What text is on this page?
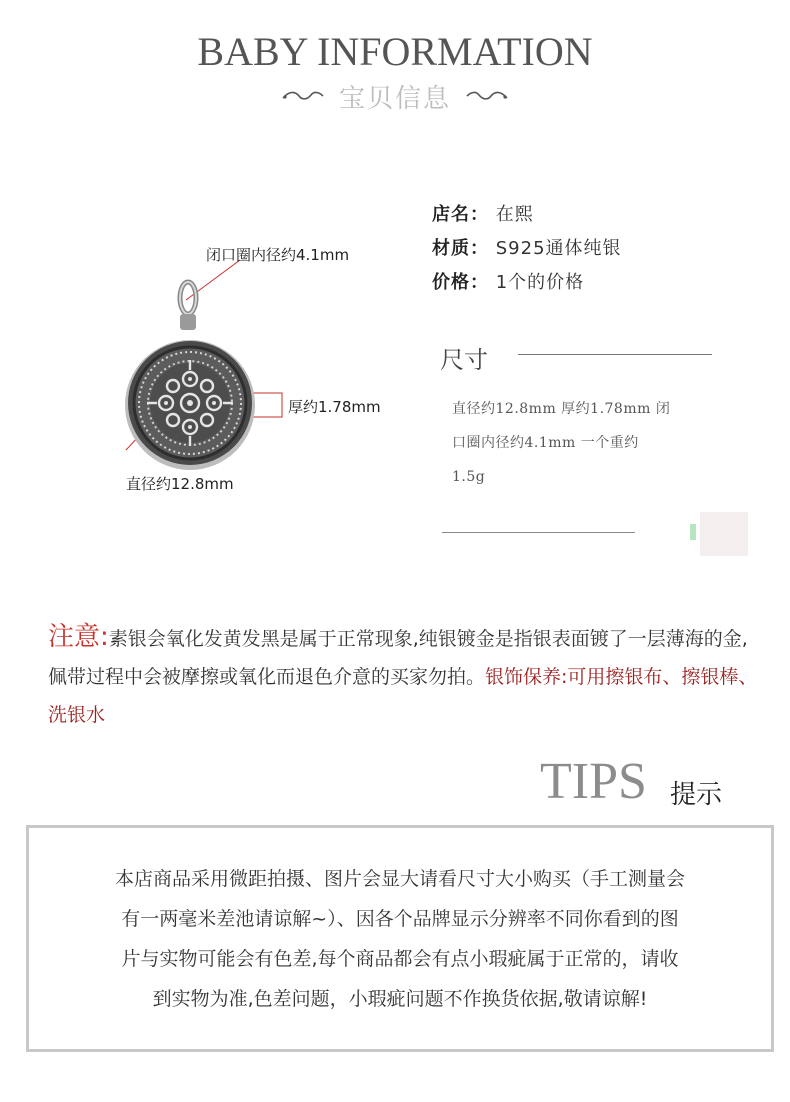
BABY INFORMATION
宝贝信息
闭口圈内径约4.1mm
厚约1.78mm
直径约12.8mm
店名： 在熙
材质： S925通体纯银
价格： 1个的价格
尺寸
直径约12.8mm 厚约1.78mm 闭
口圈内径约4.1mm 一个重约
1.5g
注意:素银会氧化发黄发黑是属于正常现象,纯银镀金是指银表面镀了一层薄海的金,佩带过程中会被摩擦或氧化而退色介意的买家勿拍。银饰保养:可用擦银布、擦银棒、洗银水
TIPS 提示
本店商品采用微距拍摄、图片会显大请看尺寸大小购买（手工测量会
有一两毫米差池请谅解~）、因各个品牌显示分辨率不同你看到的图
片与实物可能会有色差,每个商品都会有点小瑕疵属于正常的，请收
到实物为准,色差问题，小瑕疵问题不作换货依据,敬请谅解!
